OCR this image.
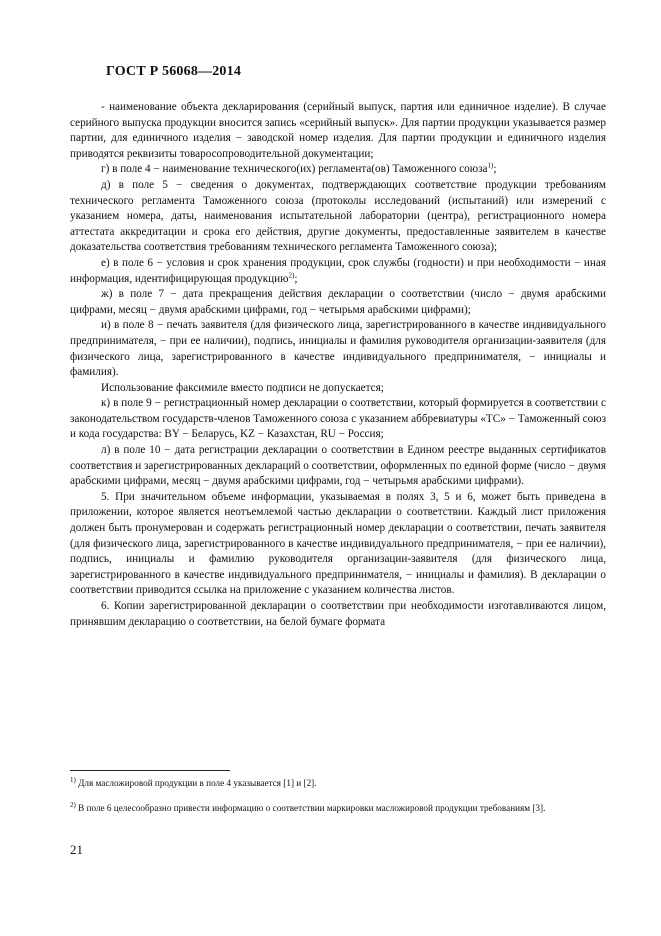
ГОСТ Р 56068—2014

- наименование объекта декларирования (серийный выпуск, партия или единичное изделие). В случае серийного выпуска продукции вносится запись «серийный выпуск». Для партии продукции указывается размер партии, для единичного изделия − заводской номер изделия. Для партии продукции и единичного изделия приводятся реквизиты товаросопроводительной документации;

г) в поле 4 − наименование технического(их) регламента(ов) Таможенного союза$^{1)}$;

д) в поле 5 − сведения о документах, подтверждающих соответствие продукции требованиям технического регламента Таможенного союза (протоколы исследований (испытаний) или измерений с указанием номера, даты, наименования испытательной лаборатории (центра), регистрационного номера аттестата аккредитации и срока его действия, другие документы, предоставленные заявителем в качестве доказательства соответствия требованиям технического регламента Таможенного союза);

е) в поле 6 − условия и срок хранения продукции, срок службы (годности) и при необходимости − иная информация, идентифицирующая продукцию$^{2)}$;

ж) в поле 7 − дата прекращения действия декларации о соответствии (число − двумя арабскими цифрами, месяц − двумя арабскими цифрами, год − четырьмя арабскими цифрами);

и) в поле 8 − печать заявителя (для физического лица, зарегистрированного в качестве индивидуального предпринимателя, − при ее наличии), подпись, инициалы и фамилия руководителя организации-заявителя (для физического лица, зарегистрированного в качестве индивидуального предпринимателя, − инициалы и фамилия).

Использование факсимиле вместо подписи не допускается;

к) в поле 9 − регистрационный номер декларации о соответствии, который формируется в соответствии с законодательством государств-членов Таможенного союза с указанием аббревиатуры «ТС» − Таможенный союз и кода государства: BY − Беларусь, KZ − Казахстан, RU − Россия;

л) в поле 10 − дата регистрации декларации о соответствии в Едином реестре выданных сертификатов соответствия и зарегистрированных деклараций о соответствии, оформленных по единой форме (число − двумя арабскими цифрами, месяц − двумя арабскими цифрами, год − четырьмя арабскими цифрами).

5. При значительном объеме информации, указываемая в полях 3, 5 и 6, может быть приведена в приложении, которое является неотъемлемой частью декларации о соответствии. Каждый лист приложения должен быть пронумерован и содержать регистрационный номер декларации о соответствии, печать заявителя (для физического лица, зарегистрированного в качестве индивидуального предпринимателя, − при ее наличии), подпись, инициалы и фамилию руководителя организации-заявителя (для физического лица, зарегистрированного в качестве индивидуального предпринимателя, − инициалы и фамилия). В декларации о соответствии приводится ссылка на приложение с указанием количества листов.

6. Копии зарегистрированной декларации о соответствии при необходимости изготавливаются лицом, принявшим декларацию о соответствии, на белой бумаге формата

$^{1)}$ Для масложировой продукции в поле 4 указывается [1] и [2].
$^{2)}$ В поле 6 целесообразно привести информацию о соответствии маркировки масложировой продукции требованиям [3].
21
